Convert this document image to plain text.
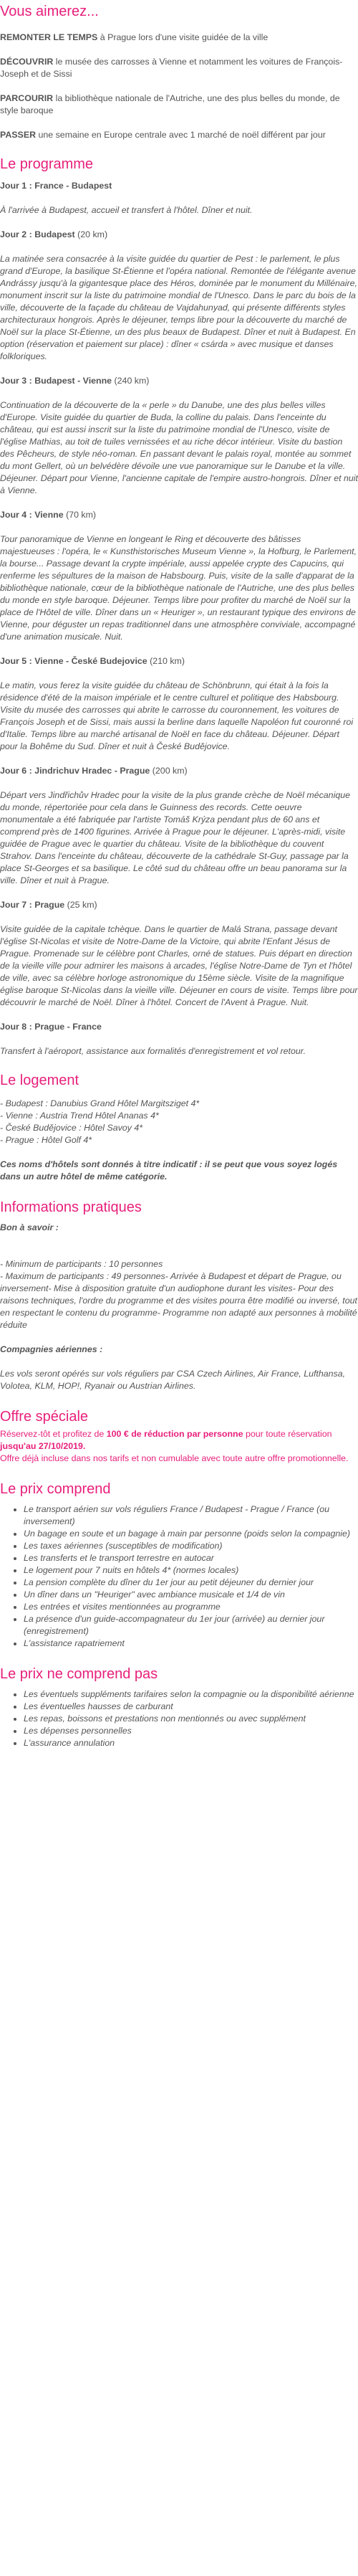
Vous aimerez...

REMONTER LE TEMPS à Prague lors d'une visite guidée de la ville

DÉCOUVRIR le musée des carrosses à Vienne et notamment les voitures de François-Joseph et de Sissi

PARCOURIR la bibliothèque nationale de l'Autriche, une des plus belles du monde, de style baroque

PASSER une semaine en Europe centrale avec 1 marché de noël différent par jour

Le programme

Jour 1 : France - Budapest

À l'arrivée à Budapest, accueil et transfert à l'hôtel. Dîner et nuit.

Jour 2 : Budapest (20 km)

La matinée sera consacrée à la visite guidée du quartier de Pest : le parlement, le plus grand d'Europe, la basilique St-Étienne et l'opéra national. Remontée de l'élégante avenue Andrássy jusqu'à la gigantesque place des Héros, dominée par le monument du Millénaire, monument inscrit sur la liste du patrimoine mondial de l'Unesco. Dans le parc du bois de la ville, découverte de la façade du château de Vajdahunyad, qui présente différents styles architecturaux hongrois. Après le déjeuner, temps libre pour la découverte du marché de Noël sur la place St-Étienne, un des plus beaux de Budapest. Dîner et nuit à Budapest. En option (réservation et paiement sur place) : dîner « csárda » avec musique et danses folkloriques.

Jour 3 : Budapest - Vienne (240 km)

Continuation de la découverte de la « perle » du Danube, une des plus belles villes d'Europe. Visite guidée du quartier de Buda, la colline du palais. Dans l'enceinte du château, qui est aussi inscrit sur la liste du patrimoine mondial de l'Unesco, visite de l'église Mathias, au toit de tuiles vernissées et au riche décor intérieur. Visite du bastion des Pêcheurs, de style néo-roman. En passant devant le palais royal, montée au sommet du mont Gellert, où un belvédère dévoile une vue panoramique sur le Danube et la ville. Déjeuner. Départ pour Vienne, l'ancienne capitale de l'empire austro-hongrois. Dîner et nuit à Vienne.

Jour 4 : Vienne (70 km)

Tour panoramique de Vienne en longeant le Ring et découverte des bâtisses majestueuses : l'opéra, le « Kunsthistorisches Museum Vienne », la Hofburg, le Parlement, la bourse... Passage devant la crypte impériale, aussi appelée crypte des Capucins, qui renferme les sépultures de la maison de Habsbourg. Puis, visite de la salle d'apparat de la bibliothèque nationale, cœur de la bibliothèque nationale de l'Autriche, une des plus belles du monde en style baroque. Déjeuner. Temps libre pour profiter du marché de Noël sur la place de l'Hôtel de ville. Dîner dans un « Heuriger », un restaurant typique des environs de Vienne, pour déguster un repas traditionnel dans une atmosphère conviviale, accompagné d'une animation musicale. Nuit.

Jour 5 : Vienne - České Budejovice (210 km)

Le matin, vous ferez la visite guidée du château de Schönbrunn, qui était à la fois la résidence d'été de la maison impériale et le centre culturel et politique des Habsbourg. Visite du musée des carrosses qui abrite le carrosse du couronnement, les voitures de François Joseph et de Sissi, mais aussi la berline dans laquelle Napoléon fut couronné roi d'Italie. Temps libre au marché artisanal de Noël en face du château. Déjeuner. Départ pour la Bohême du Sud. Dîner et nuit à České Budějovice.

Jour 6 : Jindrichuv Hradec - Prague (200 km)

Départ vers Jindřichův Hradec pour la visite de la plus grande crèche de Noël mécanique du monde, répertoriée pour cela dans le Guinness des records. Cette oeuvre monumentale a été fabriquée par l'artiste Tomáš Krýza pendant plus de 60 ans et comprend près de 1400 figurines. Arrivée à Prague pour le déjeuner. L'après-midi, visite guidée de Prague avec le quartier du château. Visite de la bibliothèque du couvent Strahov. Dans l'enceinte du château, découverte de la cathédrale St-Guy, passage par la place St-Georges et sa basilique. Le côté sud du château offre un beau panorama sur la ville. Dîner et nuit à Prague.

Jour 7 : Prague (25 km)

Visite guidée de la capitale tchèque. Dans le quartier de Malá Strana, passage devant l'église St-Nicolas et visite de Notre-Dame de la Victoire, qui abrite l'Enfant Jésus de Prague. Promenade sur le célèbre pont Charles, orné de statues. Puis départ en direction de la vieille ville pour admirer les maisons à arcades, l'église Notre-Dame de Tyn et l'hôtel de ville, avec sa célèbre horloge astronomique du 15ème siècle. Visite de la magnifique église baroque St-Nicolas dans la vieille ville. Déjeuner en cours de visite. Temps libre pour découvrir le marché de Noël. Dîner à l'hôtel. Concert de l'Avent à Prague. Nuit.

Jour 8 : Prague - France

Transfert à l'aéroport, assistance aux formalités d'enregistrement et vol retour.

Le logement

- Budapest : Danubius Grand Hôtel Margitsziget 4*

- Vienne : Austria Trend Hôtel Ananas 4*

- České Budějovice : Hôtel Savoy 4*

- Prague : Hôtel Golf 4*

Ces noms d'hôtels sont donnés à titre indicatif : il se peut que vous soyez logés dans un autre hôtel de même catégorie.

Informations pratiques

Bon à savoir :

- Minimum de participants : 10 personnes
- Maximum de participants : 49 personnes- Arrivée à Budapest et départ de Prague, ou inversement- Mise à disposition gratuite d'un audiophone durant les visites- Pour des raisons techniques, l'ordre du programme et des visites pourra être modifié ou inversé, tout en respectant le contenu du programme- Programme non adapté aux personnes à mobilité réduite

Compagnies aériennes :

Les vols seront opérés sur vols réguliers par CSA Czech Airlines, Air France, Lufthansa, Volotea, KLM, HOP!, Ryanair ou Austrian Airlines.

Offre spéciale

Réservez-tôt et profitez de 100 € de réduction par personne pour toute réservation jusqu'au 27/10/2019.

Offre déjà incluse dans nos tarifs et non cumulable avec toute autre offre promotionnelle.

Le prix comprend
• Le transport aérien sur vols réguliers France / Budapest - Prague / France (ou inversement)
• Un bagage en soute et un bagage à main par personne (poids selon la compagnie)
• Les taxes aériennes (susceptibles de modification)
• Les transferts et le transport terrestre en autocar
• Le logement pour 7 nuits en hôtels 4* (normes locales)
• La pension complète du dîner du 1er jour au petit déjeuner du dernier jour
• Un dîner dans un "Heuriger" avec ambiance musicale et 1/4 de vin
• Les entrées et visites mentionnées au programme
• La présence d'un guide-accompagnateur du 1er jour (arrivée) au dernier jour (enregistrement)
• L'assistance rapatriement
Le prix ne comprend pas
• Les éventuels suppléments tarifaires selon la compagnie ou la disponibilité aérienne
• Les éventuelles hausses de carburant
• Les repas, boissons et prestations non mentionnés ou avec supplément
• Les dépenses personnelles
• L'assurance annulation
